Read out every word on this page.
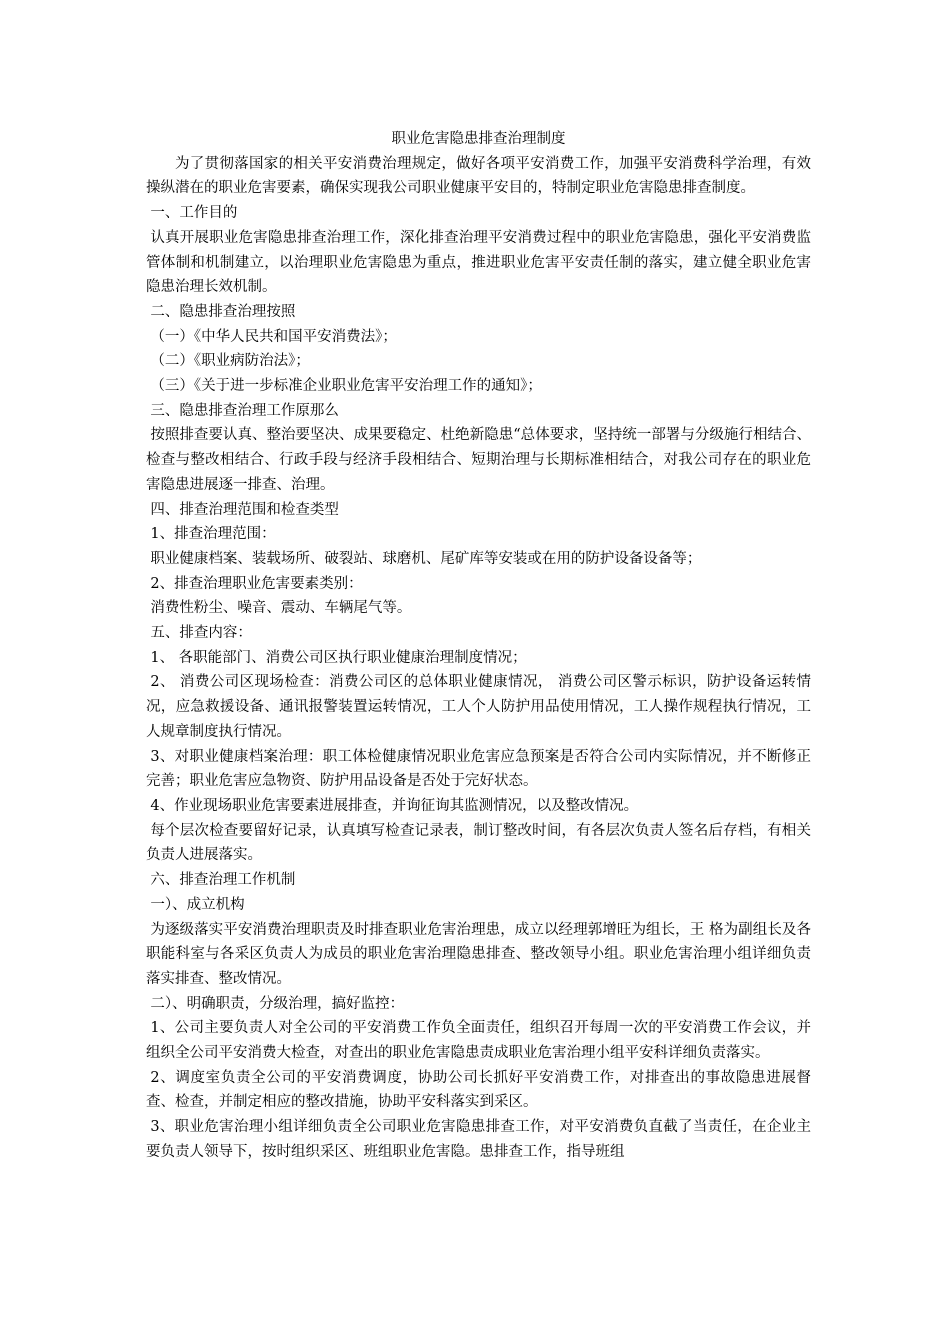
职业危害隐患排查治理制度

为了贯彻落国家的相关平安消费治理规定，做好各项平安消费工作，加强平安消费科学治理，有效操纵潜在的职业危害要素，确保实现我公司职业健康平安目的，特制定职业危害隐患排查制度。

一、工作目的

认真开展职业危害隐患排查治理工作，深化排查治理平安消费过程中的职业危害隐患，强化平安消费监管体制和机制建立，以治理职业危害隐患为重点，推进职业危害平安责任制的落实，建立健全职业危害隐患治理长效机制。

二、隐患排查治理按照

（一）《中华人民共和国平安消费法》；

（二）《职业病防治法》；

（三）《关于进一步标准企业职业危害平安治理工作的通知》；

三、隐患排查治理工作原那么

按照排查要认真、整治要坚决、成果要稳定、杜绝新隐患“总体要求，坚持统一部署与分级施行相结合、检查与整改相结合、行政手段与经济手段相结合、短期治理与长期标准相结合，对我公司存在的职业危害隐患进展逐一排查、治理。

四、排查治理范围和检查类型

1、排查治理范围：

职业健康档案、装载场所、破裂站、球磨机、尾矿库等安装或在用的防护设备设备等；

2、排查治理职业危害要素类别：

消费性粉尘、噪音、震动、车辆尾气等。

五、排查内容：

1、 各职能部门、消费公司区执行职业健康治理制度情况；

2、 消费公司区现场检查：消费公司区的总体职业健康情况， 消费公司区警示标识，防护设备运转情况，应急救援设备、通讯报警装置运转情况，工人个人防护用品使用情况，工人操作规程执行情况，工人规章制度执行情况。

3、对职业健康档案治理：职工体检健康情况职业危害应急预案是否符合公司内实际情况，并不断修正完善；职业危害应急物资、防护用品设备是否处于完好状态。

4、作业现场职业危害要素进展排查，并询征询其监测情况，以及整改情况。

每个层次检查要留好记录，认真填写检查记录表，制订整改时间，有各层次负责人签名后存档，有相关负责人进展落实。

六、排查治理工作机制

一）、成立机构

为逐级落实平安消费治理职责及时排查职业危害治理患，成立以经理郭增旺为组长，王 格为副组长及各职能科室与各采区负责人为成员的职业危害治理隐患排查、整改领导小组。职业危害治理小组详细负责落实排查、整改情况。

二）、明确职责，分级治理，搞好监控：

1、公司主要负责人对全公司的平安消费工作负全面责任，组织召开每周一次的平安消费工作会议，并组织全公司平安消费大检查，对查出的职业危害隐患责成职业危害治理小组平安科详细负责落实。

2、调度室负责全公司的平安消费调度，协助公司长抓好平安消费工作，对排查出的事故隐患进展督查、检查，并制定相应的整改措施，协助平安科落实到采区。

3、职业危害治理小组详细负责全公司职业危害隐患排查工作，对平安消费负直截了当责任，在企业主要负责人领导下，按时组织采区、班组职业危害隐。患排查工作，指导班组
